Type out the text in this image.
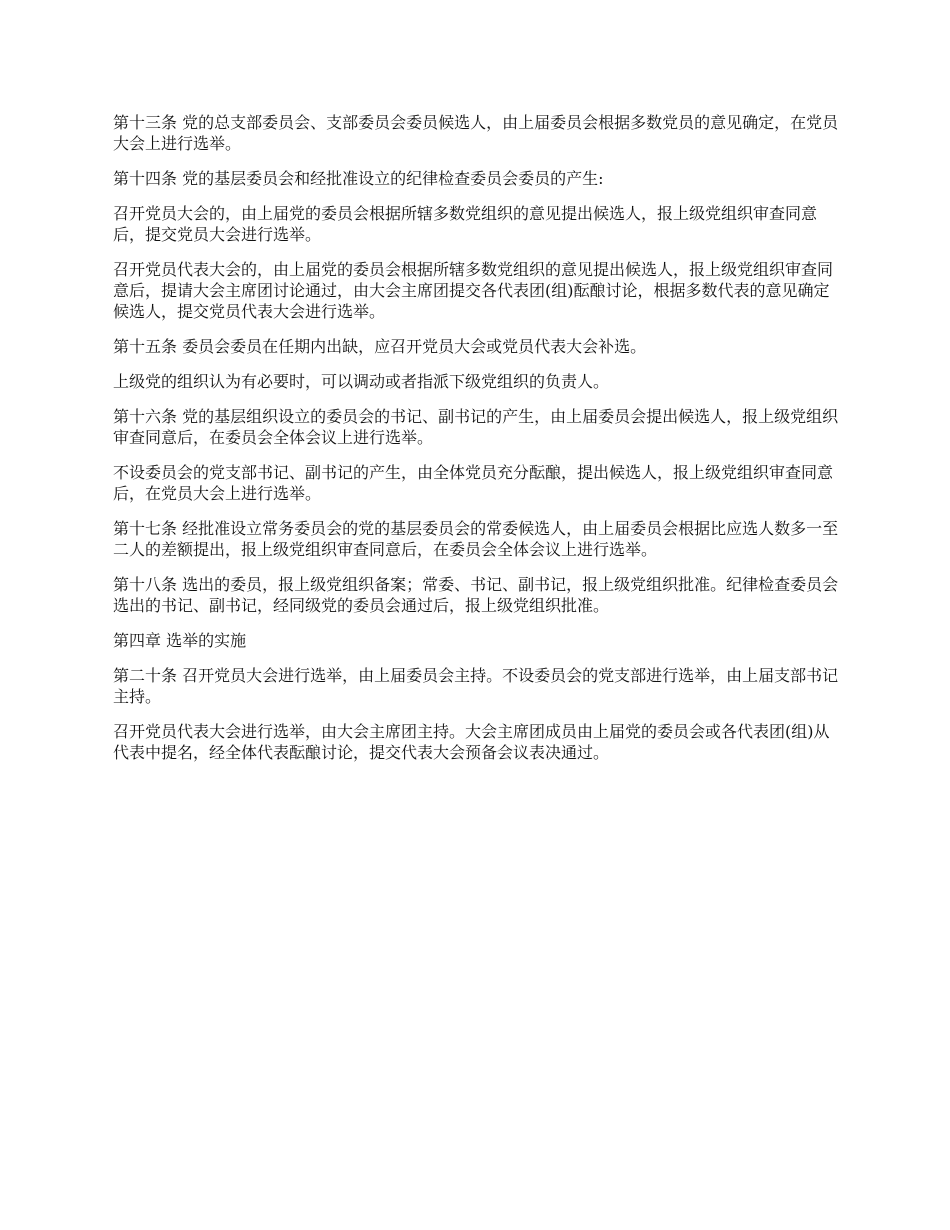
第十三条 党的总支部委员会、支部委员会委员候选人，由上届委员会根据多数党员的意见确定，在党员大会上进行选举。

第十四条 党的基层委员会和经批准设立的纪律检查委员会委员的产生:

召开党员大会的，由上届党的委员会根据所辖多数党组织的意见提出候选人，报上级党组织审查同意后，提交党员大会进行选举。

召开党员代表大会的，由上届党的委员会根据所辖多数党组织的意见提出候选人，报上级党组织审查同意后，提请大会主席团讨论通过，由大会主席团提交各代表团(组)酝酿讨论，根据多数代表的意见确定候选人，提交党员代表大会进行选举。

第十五条 委员会委员在任期内出缺，应召开党员大会或党员代表大会补选。

上级党的组织认为有必要时，可以调动或者指派下级党组织的负责人。

第十六条 党的基层组织设立的委员会的书记、副书记的产生，由上届委员会提出候选人，报上级党组织审查同意后，在委员会全体会议上进行选举。

不设委员会的党支部书记、副书记的产生，由全体党员充分酝酿，提出候选人，报上级党组织审查同意后，在党员大会上进行选举。

第十七条 经批准设立常务委员会的党的基层委员会的常委候选人，由上届委员会根据比应选人数多一至二人的差额提出，报上级党组织审查同意后，在委员会全体会议上进行选举。

第十八条 选出的委员，报上级党组织备案；常委、书记、副书记，报上级党组织批准。纪律检查委员会选出的书记、副书记，经同级党的委员会通过后，报上级党组织批准。

第四章 选举的实施

第二十条 召开党员大会进行选举，由上届委员会主持。不设委员会的党支部进行选举，由上届支部书记主持。

召开党员代表大会进行选举，由大会主席团主持。大会主席团成员由上届党的委员会或各代表团(组)从代表中提名，经全体代表酝酿讨论，提交代表大会预备会议表决通过。
